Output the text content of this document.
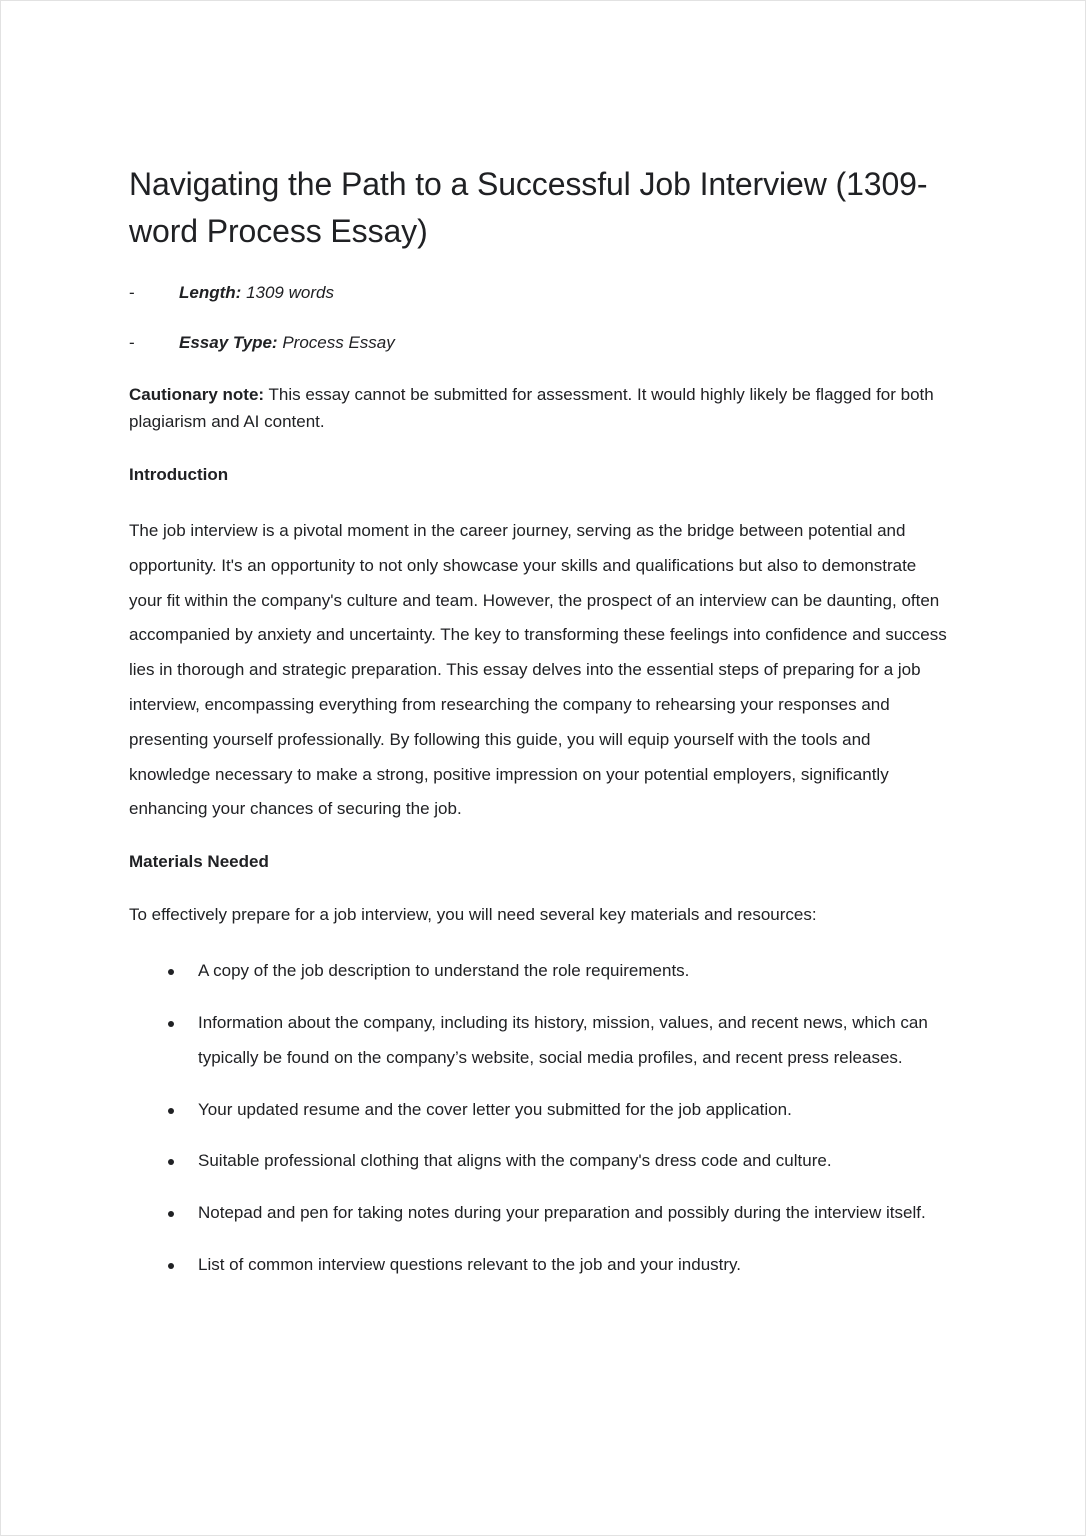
Navigating the Path to a Successful Job Interview (1309-word Process Essay)
-	Length: 1309 words
-	Essay Type: Process Essay

Cautionary note: This essay cannot be submitted for assessment. It would highly likely be flagged for both plagiarism and AI content.

Introduction

The job interview is a pivotal moment in the career journey, serving as the bridge between potential and opportunity. It's an opportunity to not only showcase your skills and qualifications but also to demonstrate your fit within the company's culture and team. However, the prospect of an interview can be daunting, often accompanied by anxiety and uncertainty. The key to transforming these feelings into confidence and success lies in thorough and strategic preparation. This essay delves into the essential steps of preparing for a job interview, encompassing everything from researching the company to rehearsing your responses and presenting yourself professionally. By following this guide, you will equip yourself with the tools and knowledge necessary to make a strong, positive impression on your potential employers, significantly enhancing your chances of securing the job.

Materials Needed

To effectively prepare for a job interview, you will need several key materials and resources:

A copy of the job description to understand the role requirements.
Information about the company, including its history, mission, values, and recent news, which can typically be found on the company’s website, social media profiles, and recent press releases.
Your updated resume and the cover letter you submitted for the job application.
Suitable professional clothing that aligns with the company's dress code and culture.
Notepad and pen for taking notes during your preparation and possibly during the interview itself.
List of common interview questions relevant to the job and your industry.
